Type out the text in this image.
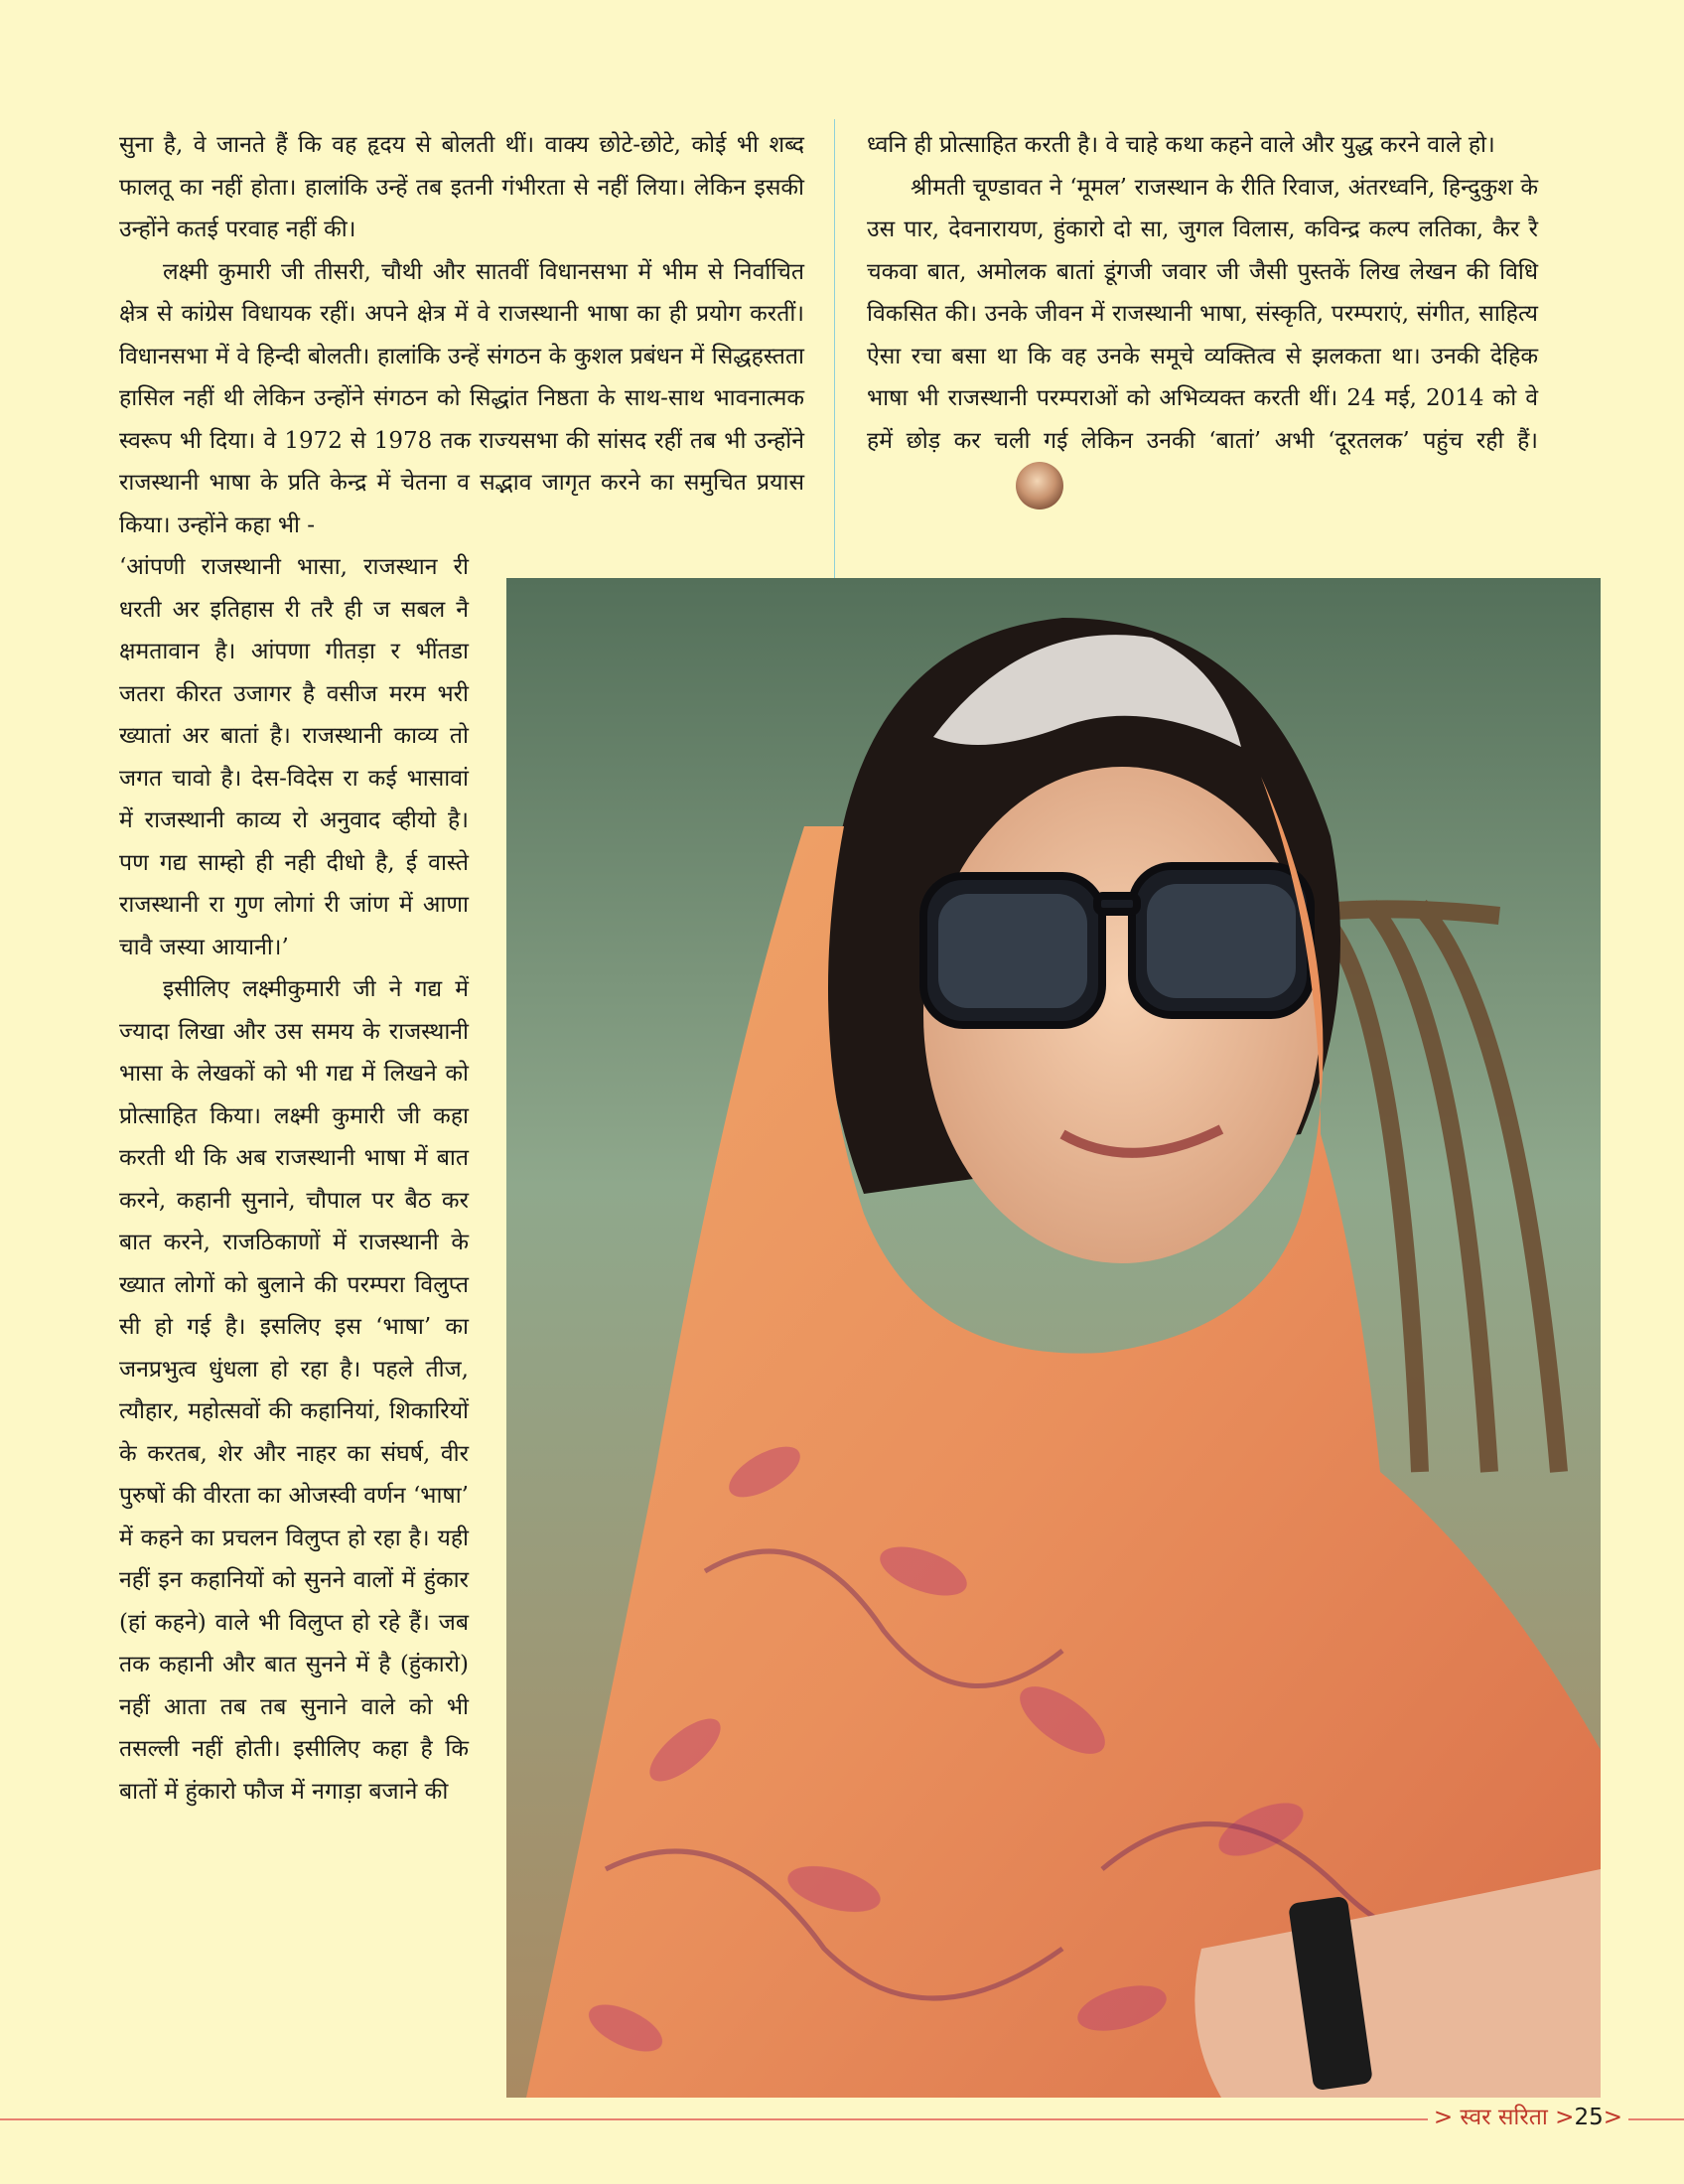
सुना है, वे जानते हैं कि वह हृदय से बोलती थीं। वाक्य छोटे-छोटे, कोई भी शब्द फालतू का नहीं होता। हालांकि उन्हें तब इतनी गंभीरता से नहीं लिया। लेकिन इसकी उन्होंने कतई परवाह नहीं की।

लक्ष्मी कुमारी जी तीसरी, चौथी और सातवीं विधानसभा में भीम से निर्वाचित क्षेत्र से कांग्रेस विधायक रहीं। अपने क्षेत्र में वे राजस्थानी भाषा का ही प्रयोग करतीं। विधानसभा में वे हिन्दी बोलती। हालांकि उन्हें संगठन के कुशल प्रबंधन में सिद्धहस्तता हासिल नहीं थी लेकिन उन्होंने संगठन को सिद्धांत निष्ठता के साथ-साथ भावनात्मक स्वरूप भी दिया। वे 1972 से 1978 तक राज्यसभा की सांसद रहीं तब भी उन्होंने राजस्थानी भाषा के प्रति केन्द्र में चेतना व सद्भाव जागृत करने का समुचित प्रयास किया। उन्होंने कहा भी -

ध्वनि ही प्रोत्साहित करती है। वे चाहे कथा कहने वाले और युद्ध करने वाले हो।

श्रीमती चूण्डावत ने ‘मूमल’ राजस्थान के रीति रिवाज, अंतरध्वनि, हिन्दुकुश के उस पार, देवनारायण, हुंकारो दो सा, जुगल विलास, कविन्द्र कल्प लतिका, कैर रै चकवा बात, अमोलक बातां डूंगजी जवार जी जैसी पुस्तकें लिख लेखन की विधि विकसित की। उनके जीवन में राजस्थानी भाषा, संस्कृति, परम्पराएं, संगीत, साहित्य ऐसा रचा बसा था कि वह उनके समूचे व्यक्तित्व से झलकता था। उनकी देहिक भाषा भी राजस्थानी परम्पराओं को अभिव्यक्त करती थीं। 24 मई, 2014 को वे हमें छोड़ कर चली गई लेकिन उनकी ‘बातां’ अभी ‘दूरतलक’ पहुंच रही हैं।

‘आंपणी राजस्थानी भासा, राजस्थान री धरती अर इतिहास री तरै ही ज सबल नै क्षमतावान है। आंपणा गीतड़ा र भींतडा जतरा कीरत उजागर है वसीज मरम भरी ख्यातां अर बातां है। राजस्थानी काव्य तो जगत चावो है। देस-विदेस रा कई भासावां में राजस्थानी काव्य रो अनुवाद व्हीयो है। पण गद्य साम्हो ही नही दीधो है, ई वास्ते राजस्थानी रा गुण लोगां री जांण में आणा चावै जस्या आयानी।’

इसीलिए लक्ष्मीकुमारी जी ने गद्य में ज्यादा लिखा और उस समय के राजस्थानी भासा के लेखकों को भी गद्य में लिखने को प्रोत्साहित किया। लक्ष्मी कुमारी जी कहा करती थी कि अब राजस्थानी भाषा में बात करने, कहानी सुनाने, चौपाल पर बैठ कर बात करने, राजठिकाणों में राजस्थानी के ख्यात लोगों को बुलाने की परम्परा विलुप्त सी हो गई है। इसलिए इस ‘भाषा’ का जनप्रभुत्व धुंधला हो रहा है। पहले तीज, त्यौहार, महोत्सवों की कहानियां, शिकारियों के करतब, शेर और नाहर का संघर्ष, वीर पुरुषों की वीरता का ओजस्वी वर्णन ‘भाषा’ में कहने का प्रचलन विलुप्त हो रहा है। यही नहीं इन कहानियों को सुनने वालों में हुंकार (हां कहने) वाले भी विलुप्त हो रहे हैं। जब तक कहानी और बात सुनने में है (हुंकारो) नहीं आता तब तब सुनाने वाले को भी तसल्ली नहीं होती। इसीलिए कहा है कि बातों में हुंकारो फौज में नगाड़ा बजाने की

> स्वर सरिता >25>
